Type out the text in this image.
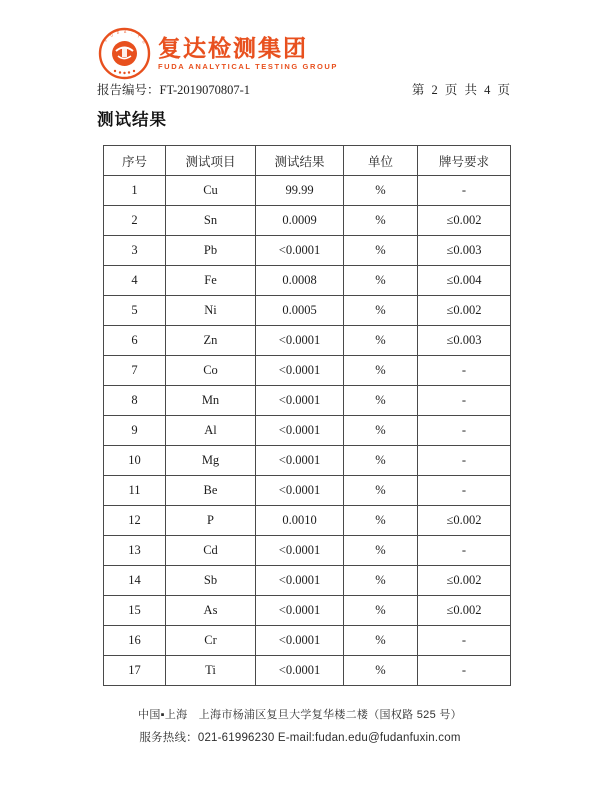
F
U
D A ·
T
G 复达检测集团
FUDA ANALYTICAL TESTING GROUP
报告编号：FT-2019070807-1	第 2 页 共 4 页
测试结果
序号	测试项目	测试结果	单位	牌号要求
1	Cu	99.99	%	-
2	Sn	0.0009	%	≤0.002
3	Pb	<0.0001	%	≤0.003
4	Fe	0.0008	%	≤0.004
5	Ni	0.0005	%	≤0.002
6	Zn	<0.0001	%	≤0.003
7	Co	<0.0001	%	-
8	Mn	<0.0001	%	-
9	Al	<0.0001	%	-
10	Mg	<0.0001	%	-
11	Be	<0.0001	%	-
12	P	0.0010	%	≤0.002
13	Cd	<0.0001	%	-
14	Sb	<0.0001	%	≤0.002
15	As	<0.0001	%	≤0.002
16	Cr	<0.0001	%	-
17	Ti	<0.0001	%	-
中国▪上海　上海市杨浦区复旦大学复华楼二楼（国权路 525 号）
服务热线：021-61996230 E-mail:fudan.edu@fudanfuxin.com
